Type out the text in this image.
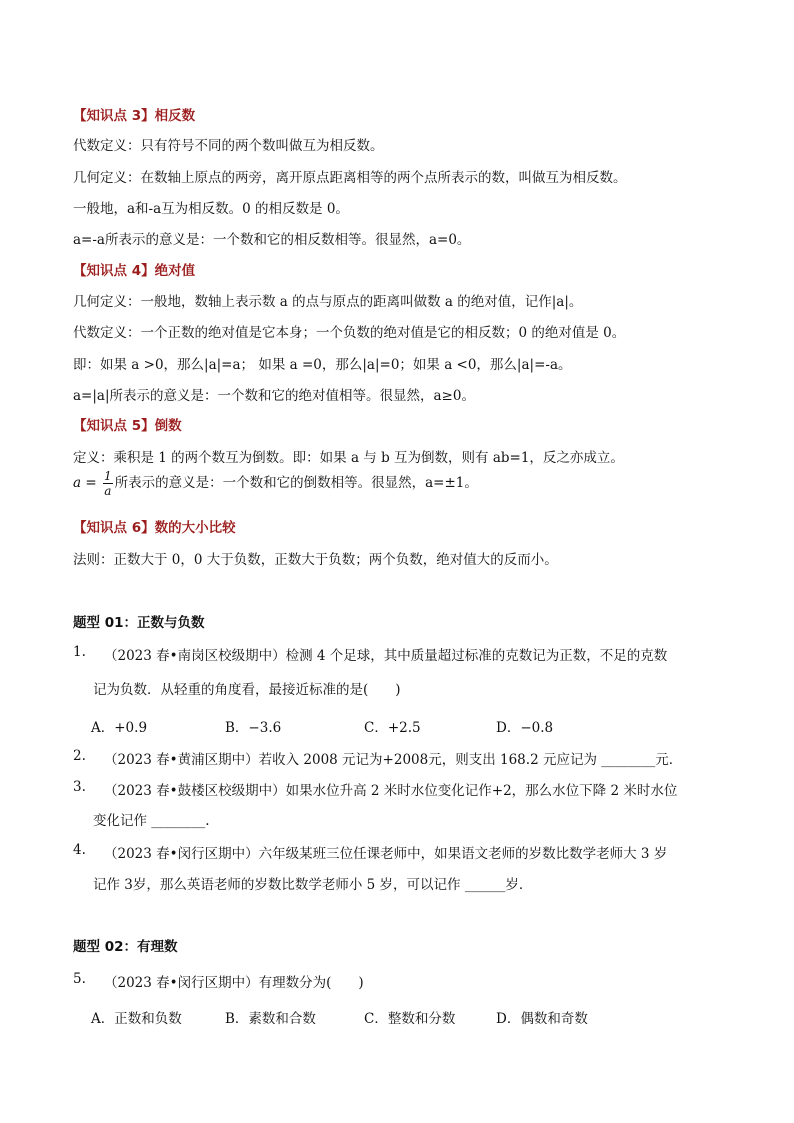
【知识点 3】相反数
代数定义：只有符号不同的两个数叫做互为相反数。
几何定义：在数轴上原点的两旁，离开原点距离相等的两个点所表示的数，叫做互为相反数。
一般地，a和-a互为相反数。0 的相反数是 0。
a=-a所表示的意义是：一个数和它的相反数相等。很显然，a=0。
【知识点 4】绝对值
几何定义：一般地，数轴上表示数 a 的点与原点的距离叫做数 a 的绝对值，记作|a|。
代数定义：一个正数的绝对值是它本身；一个负数的绝对值是它的相反数；0 的绝对值是 0。
即：如果 a >0，那么|a|=a； 如果 a =0，那么|a|=0；如果 a <0，那么|a|=-a。
a=|a|所表示的意义是：一个数和它的绝对值相等。很显然，a≥0。
【知识点 5】倒数
定义：乘积是 1 的两个数互为倒数。即：如果 a 与 b 互为倒数，则有 ab=1，反之亦成立。
$a = \frac{1}{a}$ 所表示的意义是：一个数和它的倒数相等。很显然，a=±1。
【知识点 6】数的大小比较
法则：正数大于 0，0 大于负数，正数大于负数；两个负数，绝对值大的反而小。
题型 01：正数与负数
1. （2023 春•南岗区校级期中）检测 4 个足球，其中质量超过标准的克数记为正数，不足的克数
记为负数．从轻重的角度看，最接近标准的是(　　)
A．+0.9	B．−3.6	C．+2.5	D．−0.8
2. （2023 春•黄浦区期中）若收入 2008 元记为+2008元，则支出 168.2 元应记为 ________元．
3. （2023 春•鼓楼区校级期中）如果水位升高 2 米时水位变化记作+2，那么水位下降 2 米时水位
变化记作 ________.
4. （2023 春•闵行区期中）六年级某班三位任课老师中，如果语文老师的岁数比数学老师大 3 岁
记作 3岁，那么英语老师的岁数比数学老师小 5 岁，可以记作 ______岁．
题型 02：有理数
5. （2023 春•闵行区期中）有理数分为(　　)
A．正数和负数	B．素数和合数	C．整数和分数	D．偶数和奇数
